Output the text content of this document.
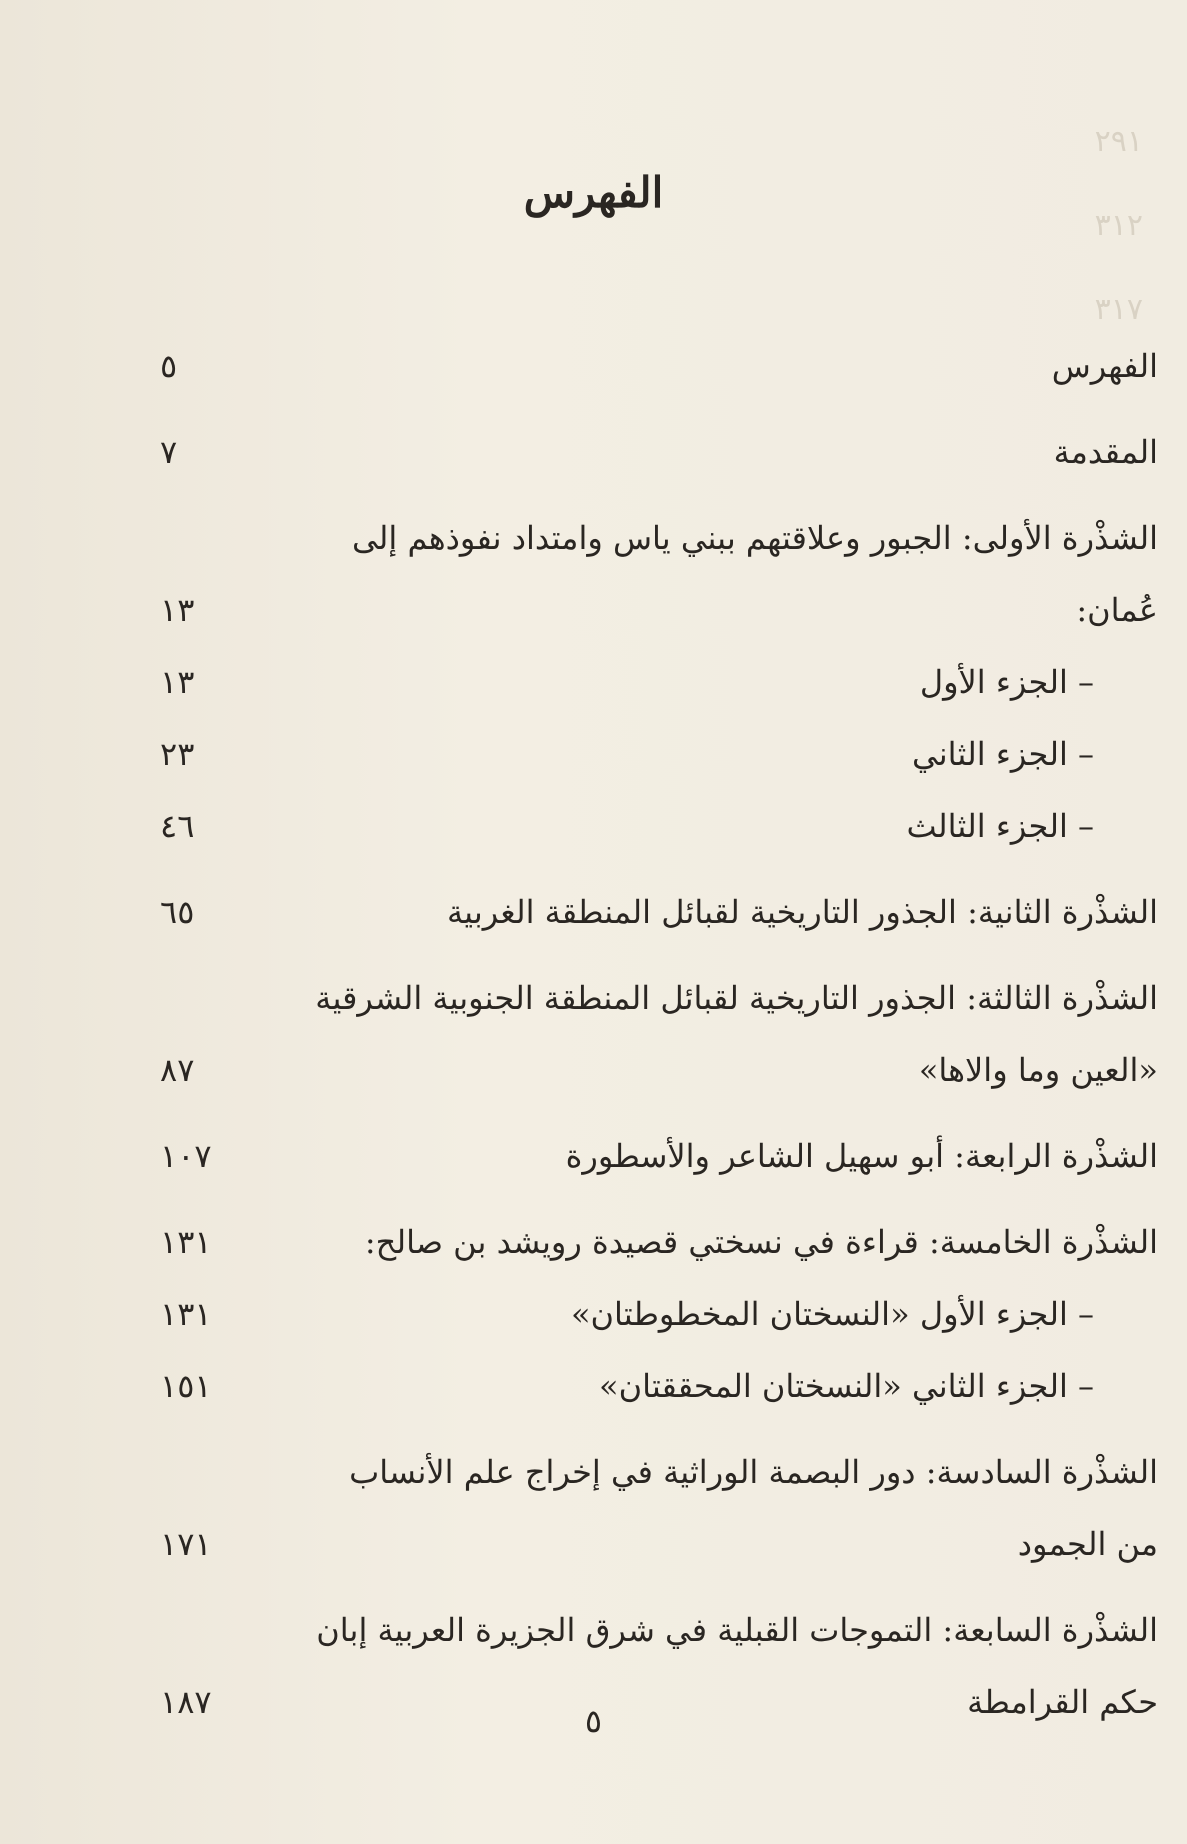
٢٩١
٣١٢
٣١٧
الفهرس
الفهرس
٥
المقدمة
٧
الشذْرة الأولى: الجبور وعلاقتهم ببني ياس وامتداد نفوذهم إلى عُمان:
١٣
– الجزء الأول
١٣
– الجزء الثاني
٢٣
– الجزء الثالث
٤٦
الشذْرة الثانية: الجذور التاريخية لقبائل المنطقة الغربية
٦٥
الشذْرة الثالثة: الجذور التاريخية لقبائل المنطقة الجنوبية الشرقية «العين وما والاها»
٨٧
الشذْرة الرابعة: أبو سهيل الشاعر والأسطورة
١٠٧
الشذْرة الخامسة: قراءة في نسختي قصيدة رويشد بن صالح:
١٣١
– الجزء الأول «النسختان المخطوطتان»
١٣١
– الجزء الثاني «النسختان المحققتان»
١٥١
الشذْرة السادسة: دور البصمة الوراثية في إخراج علم الأنساب من الجمود
١٧١
الشذْرة السابعة: التموجات القبلية في شرق الجزيرة العربية إبان حكم القرامطة
١٨٧	٥
